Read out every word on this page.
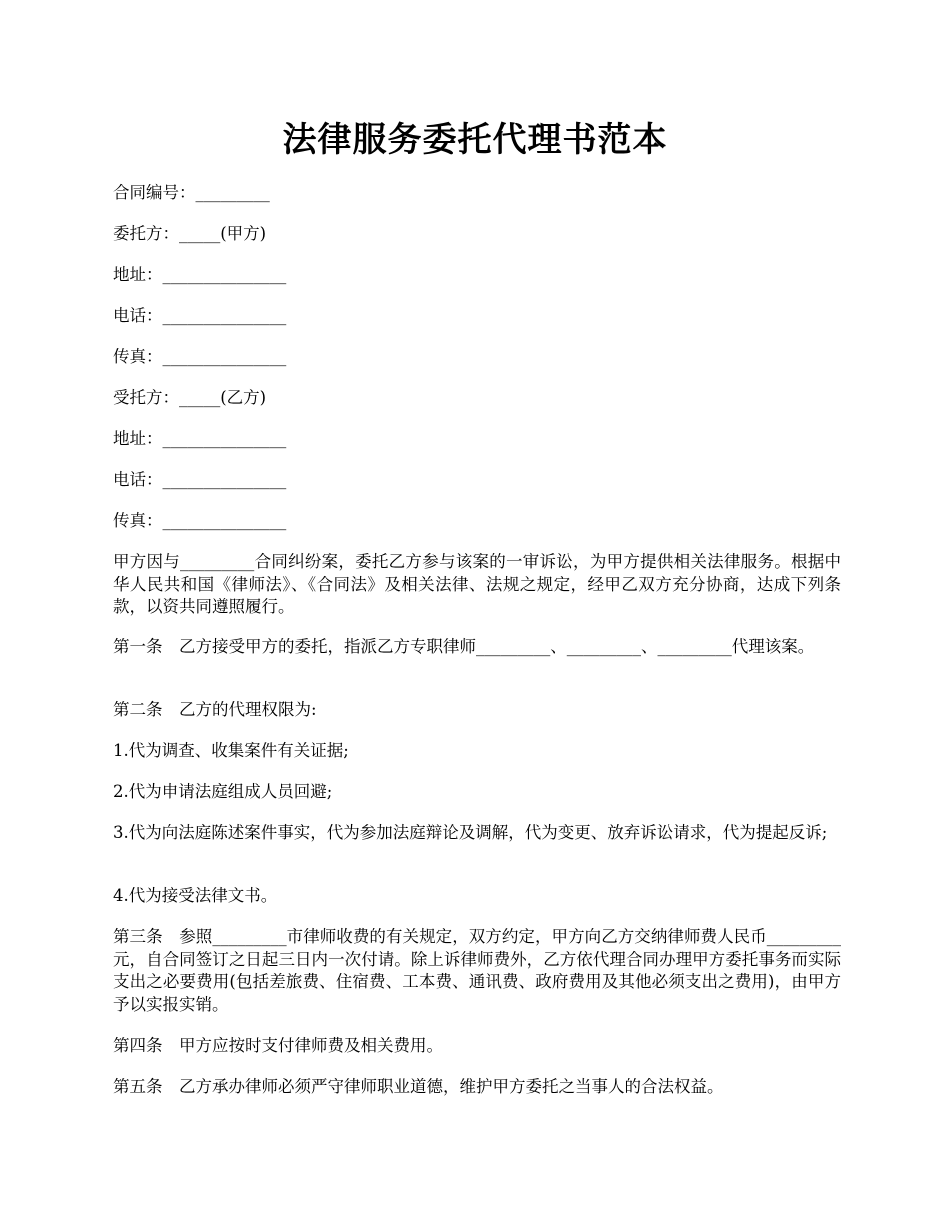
法律服务委托代理书范本
合同编号：_________
委托方：_____(甲方)
地址：_______________
电话：_______________
传真：_______________
受托方：_____(乙方)
地址：_______________
电话：_______________
传真：_______________
甲方因与_________合同纠纷案，委托乙方参与该案的一审诉讼，为甲方提供相关法律服务。根据中华人民共和国《律师法》、《合同法》及相关法律、法规之规定，经甲乙双方充分协商，达成下列条款，以资共同遵照履行。
第一条　乙方接受甲方的委托，指派乙方专职律师_________、_________、_________代理该案。
第二条　乙方的代理权限为:
1.代为调查、收集案件有关证据;
2.代为申请法庭组成人员回避;
3.代为向法庭陈述案件事实，代为参加法庭辩论及调解，代为变更、放弃诉讼请求，代为提起反诉;
4.代为接受法律文书。
第三条　参照_________市律师收费的有关规定，双方约定，甲方向乙方交纳律师费人民币_________元，自合同签订之日起三日内一次付请。除上诉律师费外，乙方依代理合同办理甲方委托事务而实际支出之必要费用(包括差旅费、住宿费、工本费、通讯费、政府费用及其他必须支出之费用)，由甲方予以实报实销。
第四条　甲方应按时支付律师费及相关费用。
第五条　乙方承办律师必须严守律师职业道德，维护甲方委托之当事人的合法权益。
